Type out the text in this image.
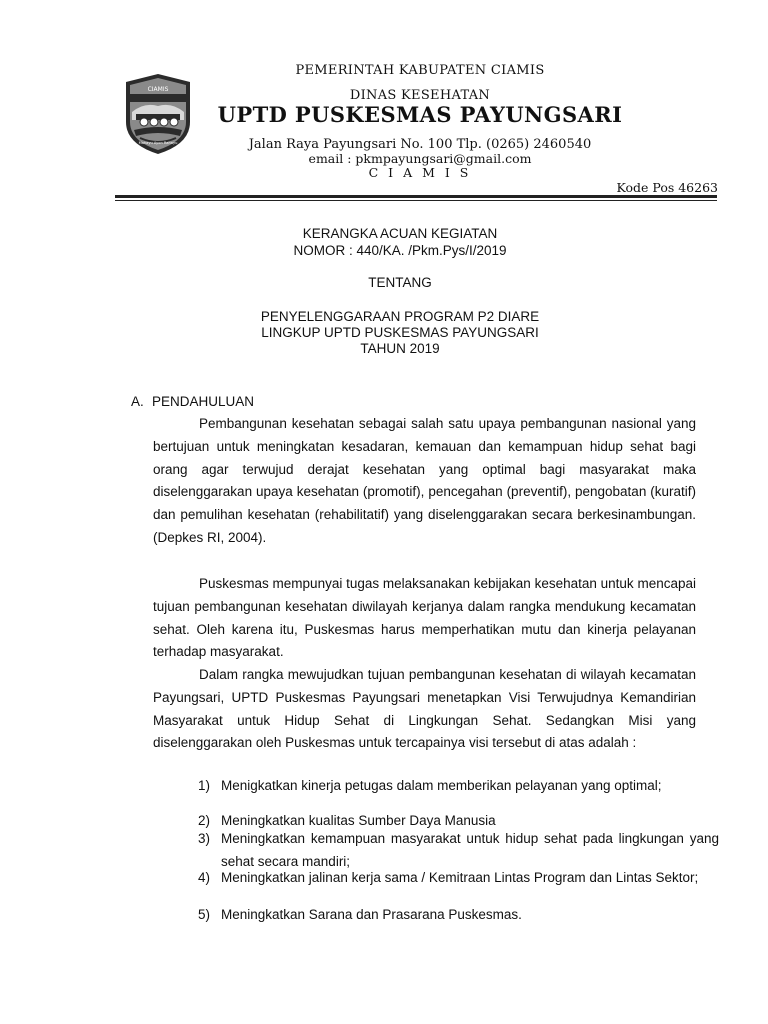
CIAMIS
Mahayu Ayon Rahayu
PEMERINTAH KABUPATEN CIAMIS
DINAS KESEHATAN
UPTD PUSKESMAS PAYUNGSARI
Jalan Raya Payungsari No. 100 Tlp. (0265) 2460540
email : pkmpayungsari@gmail.com
C I A M I S
Kode Pos 46263
KERANGKA ACUAN KEGIATAN
NOMOR : 440/KA. /Pkm.Pys/I/2019
TENTANG
PENYELENGGARAAN PROGRAM P2 DIARE
LINGKUP UPTD PUSKESMAS PAYUNGSARI
TAHUN 2019
A. PENDAHULUAN

Pembangunan kesehatan sebagai salah satu upaya pembangunan nasional yang bertujuan untuk meningkatan kesadaran, kemauan dan kemampuan hidup sehat bagi orang agar terwujud derajat kesehatan yang optimal bagi masyarakat maka diselenggarakan upaya kesehatan (promotif), pencegahan (preventif), pengobatan (kuratif) dan pemulihan kesehatan (rehabilitatif) yang diselenggarakan secara berkesinambungan. (Depkes RI, 2004).

Puskesmas mempunyai tugas melaksanakan kebijakan kesehatan untuk mencapai tujuan pembangunan kesehatan diwilayah kerjanya dalam rangka mendukung kecamatan sehat. Oleh karena itu, Puskesmas harus memperhatikan mutu dan kinerja pelayanan terhadap masyarakat.

Dalam rangka mewujudkan tujuan pembangunan kesehatan di wilayah kecamatan Payungsari, UPTD Puskesmas Payungsari menetapkan Visi Terwujudnya Kemandirian Masyarakat untuk Hidup Sehat di Lingkungan Sehat. Sedangkan Misi yang diselenggarakan oleh Puskesmas untuk tercapainya visi tersebut di atas adalah :

1) Menigkatkan kinerja petugas dalam memberikan pelayanan yang optimal;
2) Meningkatkan kualitas Sumber Daya Manusia
3) Meningkatkan kemampuan masyarakat untuk hidup sehat pada lingkungan yang sehat secara mandiri;
4) Meningkatkan jalinan kerja sama / Kemitraan Lintas Program dan Lintas Sektor;
5) Meningkatkan Sarana dan Prasarana Puskesmas.
